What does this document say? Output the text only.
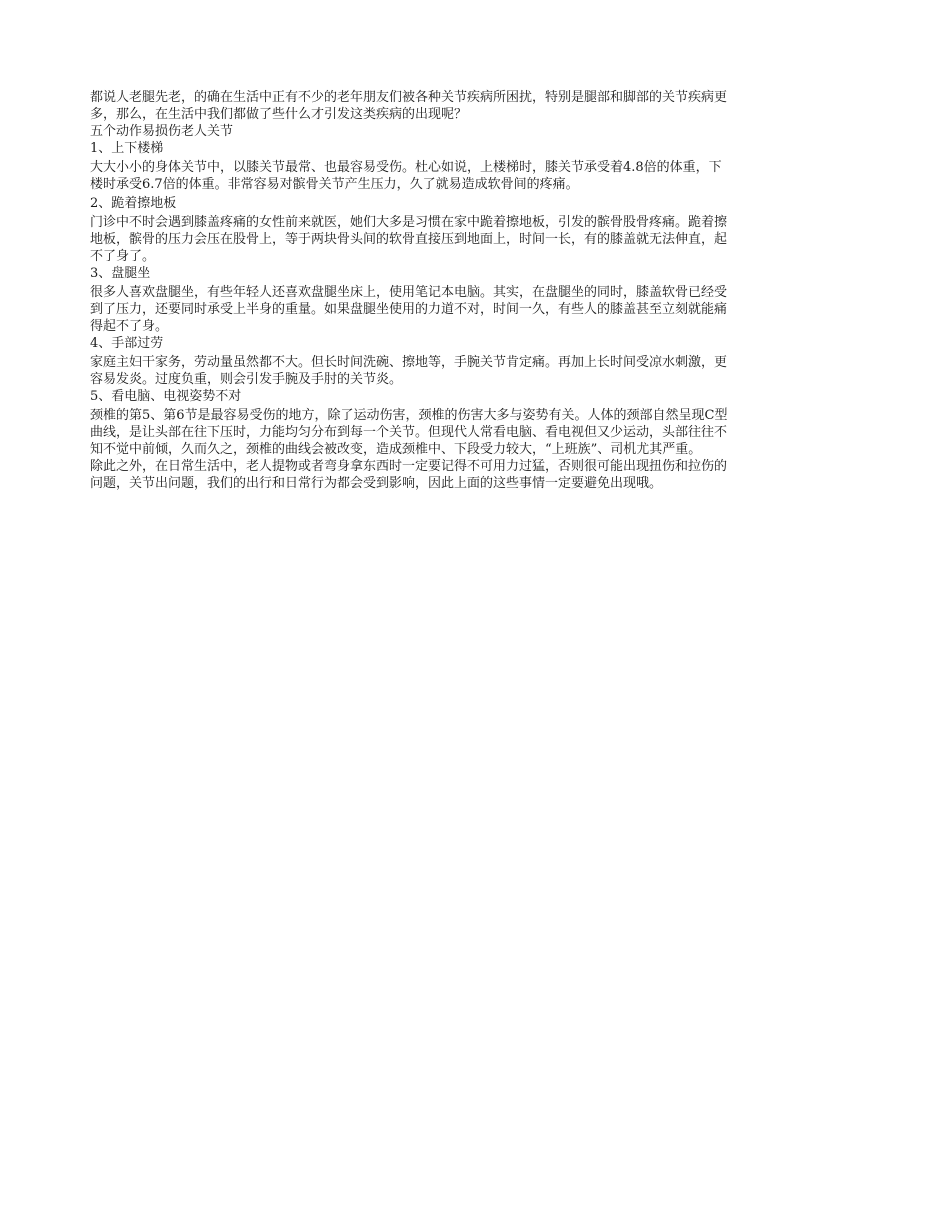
都说人老腿先老，的确在生活中正有不少的老年朋友们被各种关节疾病所困扰，特别是腿部和脚部的关节疾病更
多，那么，在生活中我们都做了些什么才引发这类疾病的出现呢？

五个动作易损伤老人关节

1、上下楼梯

大大小小的身体关节中，以膝关节最常、也最容易受伤。杜心如说，上楼梯时，膝关节承受着4.8倍的体重，下
楼时承受6.7倍的体重。非常容易对髌骨关节产生压力，久了就易造成软骨间的疼痛。

2、跪着擦地板

门诊中不时会遇到膝盖疼痛的女性前来就医，她们大多是习惯在家中跪着擦地板，引发的髌骨股骨疼痛。跪着擦
地板，髌骨的压力会压在股骨上，等于两块骨头间的软骨直接压到地面上，时间一长，有的膝盖就无法伸直，起
不了身了。

3、盘腿坐

很多人喜欢盘腿坐，有些年轻人还喜欢盘腿坐床上，使用笔记本电脑。其实，在盘腿坐的同时，膝盖软骨已经受
到了压力，还要同时承受上半身的重量。如果盘腿坐使用的力道不对，时间一久，有些人的膝盖甚至立刻就能痛
得起不了身。

4、手部过劳

家庭主妇干家务，劳动量虽然都不大。但长时间洗碗、擦地等，手腕关节肯定痛。再加上长时间受凉水刺激，更
容易发炎。过度负重，则会引发手腕及手肘的关节炎。

5、看电脑、电视姿势不对

颈椎的第5、第6节是最容易受伤的地方，除了运动伤害，颈椎的伤害大多与姿势有关。人体的颈部自然呈现C型
曲线，是让头部在往下压时，力能均匀分布到每一个关节。但现代人常看电脑、看电视但又少运动，头部往往不
知不觉中前倾，久而久之，颈椎的曲线会被改变，造成颈椎中、下段受力较大，“上班族”、司机尤其严重。

除此之外，在日常生活中，老人提物或者弯身拿东西时一定要记得不可用力过猛，否则很可能出现扭伤和拉伤的
问题，关节出问题，我们的出行和日常行为都会受到影响，因此上面的这些事情一定要避免出现哦。
